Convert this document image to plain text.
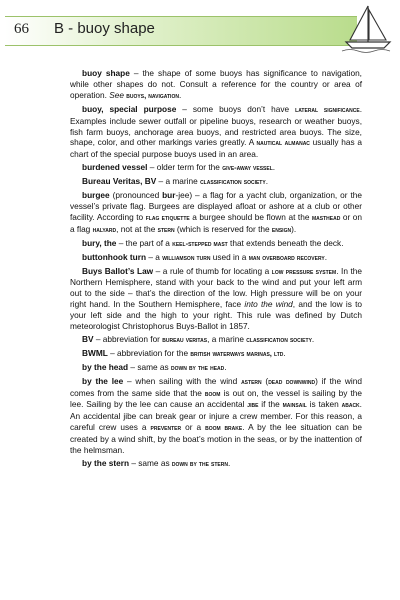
66 B - buoy shape

buoy shape – the shape of some buoys has significance to navigation, while other shapes do not. Consult a reference for the country or area of operation. See buoys, navigation.

buoy, special purpose – some buoys don’t have lateral significance. Examples include sewer outfall or pipeline buoys, research or weather buoys, fish farm buoys, anchorage area buoys, and restricted area buoys. The size, shape, color, and other markings varies greatly. A nautical almanac usually has a chart of the special purpose buoys used in an area.

burdened vessel – older term for the give-away vessel.

Bureau Veritas, BV – a marine classification society.

burgee (pronounced bur-jee) – a flag for a yacht club, organization, or the vessel’s private flag. Burgees are displayed afloat or ashore at a club or other facility. According to flag etiquette a burgee should be flown at the masthead or on a flag halyard, not at the stern (which is reserved for the ensign).

bury, the – the part of a keel-stepped mast that extends beneath the deck.

buttonhook turn – a williamson turn used in a man overboard recovery.

Buys Ballot’s Law – a rule of thumb for locating a low pressure system. In the Northern Hemisphere, stand with your back to the wind and put your left arm out to the side – that’s the direction of the low. High pressure will be on your right hand. In the Southern Hemisphere, face into the wind, and the low is to your left side and the high to your right. This rule was defined by Dutch meteorologist Christophorus Buys-Ballot in 1857.

BV – abbreviation for bureau veritas, a marine classification society.

BWML – abbreviation for the british waterways marinas, ltd.

by the head – same as down by the head.

by the lee – when sailing with the wind astern (dead downwind) if the wind comes from the same side that the boom is out on, the vessel is sailing by the lee. Sailing by the lee can cause an accidental jibe if the mainsail is taken aback. An accidental jibe can break gear or injure a crew member. For this reason, a careful crew uses a preventer or a boom brake. A by the lee situation can be created by a wind shift, by the boat’s motion in the seas, or by the inattention of the helmsman.

by the stern – same as down by the stern.
